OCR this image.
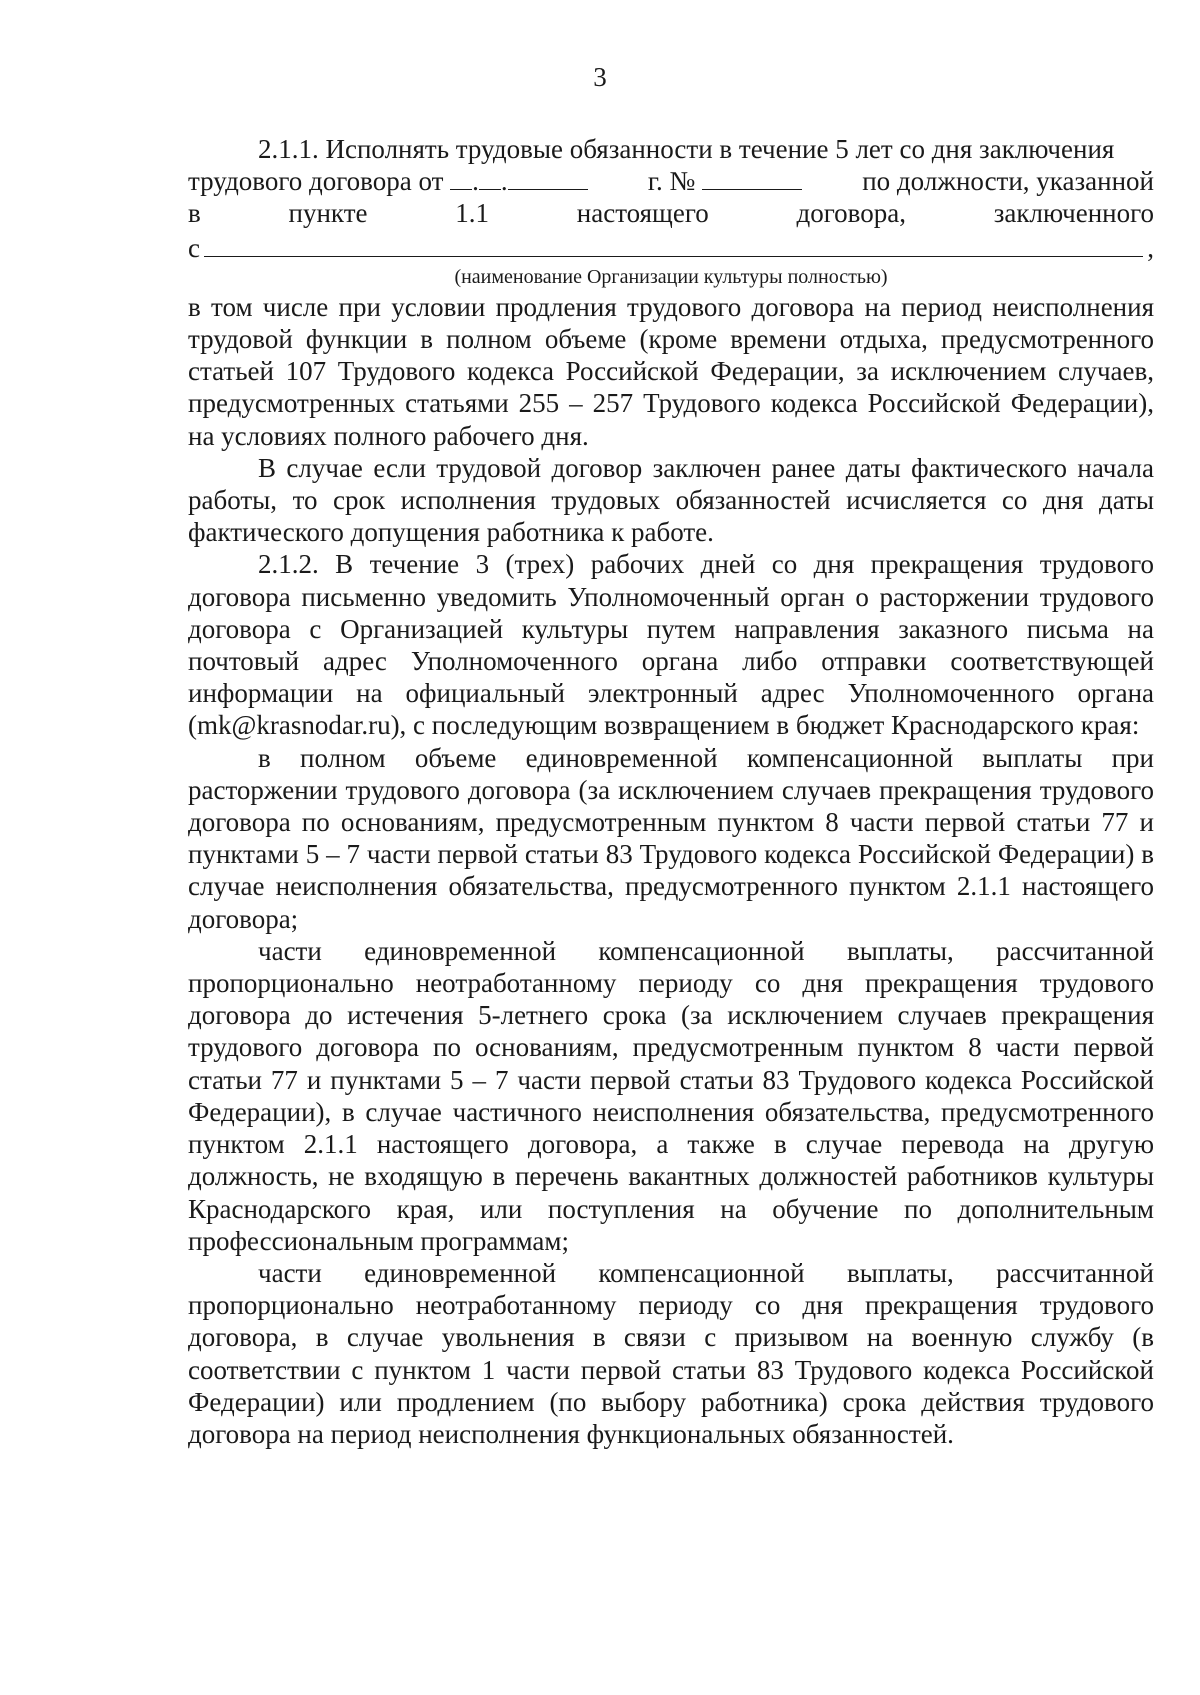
3

2.1.1. Исполнять трудовые обязанности в течение 5 лет со дня заключения

трудового договора от . .	г. №	по должности, указанной
в	пункте	1.1	настоящего	договора,	заключенного
с	,
(наименование Организации культуры полностью)

в том числе при условии продления трудового договора на период неисполнения трудовой функции в полном объеме (кроме времени отдыха, предусмотренного статьей 107 Трудового кодекса Российской Федерации, за исключением случаев, предусмотренных статьями 255 – 257 Трудового кодекса Российской Федерации), на условиях полного рабочего дня.

В случае если трудовой договор заключен ранее даты фактического начала работы, то срок исполнения трудовых обязанностей исчисляется со дня даты фактического допущения работника к работе.

2.1.2. В течение 3 (трех) рабочих дней со дня прекращения трудового договора письменно уведомить Уполномоченный орган о расторжении трудового договора с Организацией культуры путем направления заказного письма на почтовый адрес Уполномоченного органа либо отправки соответствующей информации на официальный электронный адрес Уполномоченного органа (mk@krasnodar.ru), с последующим возвращением в бюджет Краснодарского края:

в полном объеме единовременной компенсационной выплаты при расторжении трудового договора (за исключением случаев прекращения трудового договора по основаниям, предусмотренным пунктом 8 части первой статьи 77 и пунктами 5 – 7 части первой статьи 83 Трудового кодекса Российской Федерации) в случае неисполнения обязательства, предусмотренного пунктом 2.1.1 настоящего договора;

части единовременной компенсационной выплаты, рассчитанной пропорционально неотработанному периоду со дня прекращения трудового договора до истечения 5-летнего срока (за исключением случаев прекращения трудового договора по основаниям, предусмотренным пунктом 8 части первой статьи 77 и пунктами 5 – 7 части первой статьи 83 Трудового кодекса Российской Федерации), в случае частичного неисполнения обязательства, предусмотренного пунктом 2.1.1 настоящего договора, а также в случае перевода на другую должность, не входящую в перечень вакантных должностей работников культуры Краснодарского края, или поступления на обучение по дополнительным профессиональным программам;

части единовременной компенсационной выплаты, рассчитанной пропорционально неотработанному периоду со дня прекращения трудового договора, в случае увольнения в связи с призывом на военную службу (в соответствии с пунктом 1 части первой статьи 83 Трудового кодекса Российской Федерации) или продлением (по выбору работника) срока действия трудового договора на период неисполнения функциональных обязанностей.
